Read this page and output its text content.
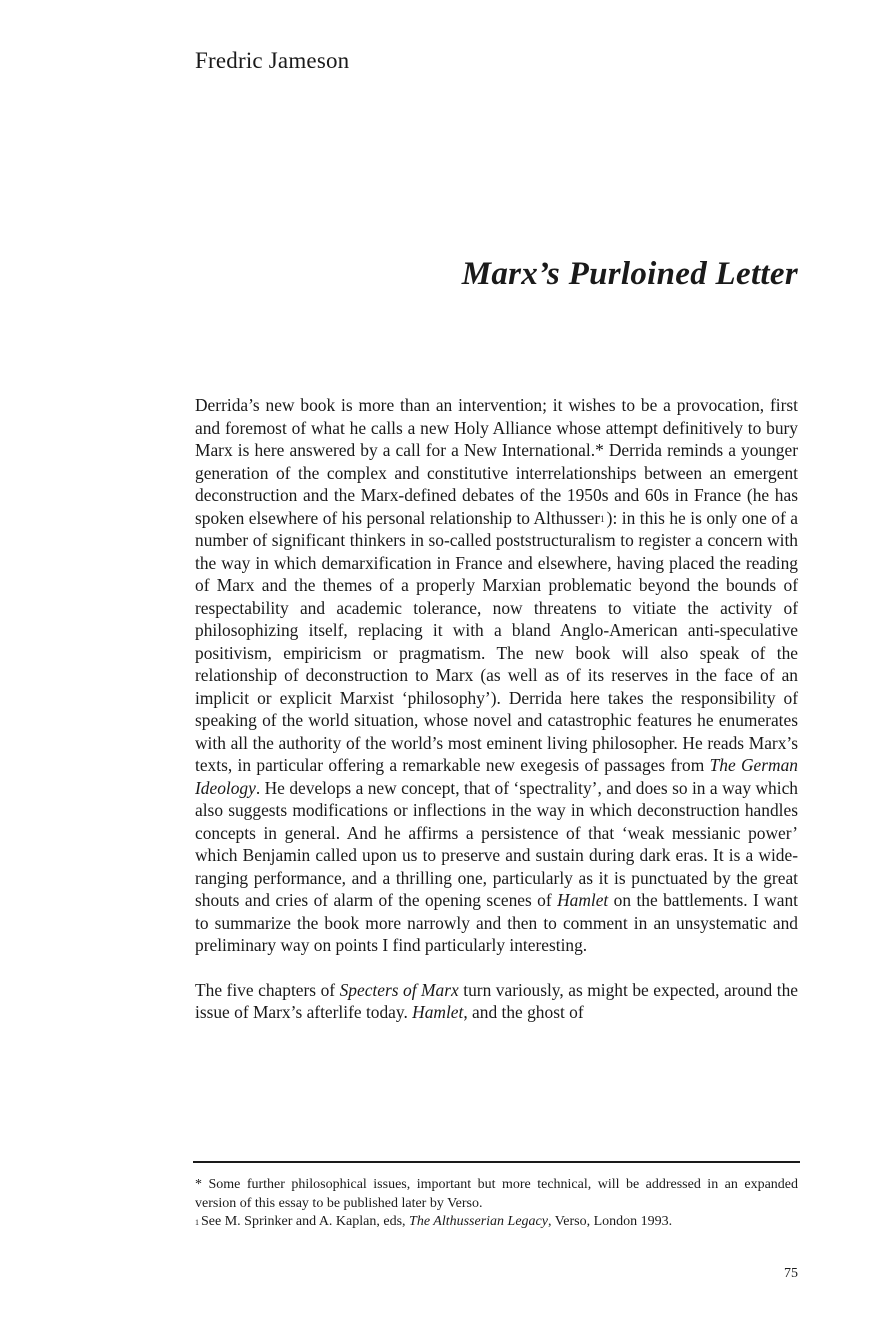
Fredric Jameson
Marx’s Purloined Letter

Derrida’s new book is more than an intervention; it wishes to be a provocation, first and foremost of what he calls a new Holy Alliance whose attempt definitively to bury Marx is here answered by a call for a New International.* Derrida reminds a younger generation of the complex and constitutive interrelationships between an emergent deconstruction and the Marx-defined debates of the 1950s and 60s in France (he has spoken elsewhere of his personal relationship to Althusser$^1$ ): in this he is only one of a number of significant thinkers in so-called poststructuralism to register a concern with the way in which demarxification in France and elsewhere, having placed the reading of Marx and the themes of a properly Marxian problematic beyond the bounds of respectability and academic tolerance, now threatens to vitiate the activity of philosophizing itself, replacing it with a bland Anglo-American anti-speculative positivism, empiricism or pragmatism. The new book will also speak of the relationship of deconstruction to Marx (as well as of its reserves in the face of an implicit or explicit Marxist ‘philosophy’). Derrida here takes the responsibility of speaking of the world situation, whose novel and catastrophic features he enumerates with all the authority of the world’s most eminent living philosopher. He reads Marx’s texts, in particular offering a remarkable new exegesis of passages from The German Ideology. He develops a new concept, that of ‘spectrality’, and does so in a way which also suggests modifications or inflections in the way in which deconstruction handles concepts in general. And he affirms a persistence of that ‘weak messianic power’ which Benjamin called upon us to preserve and sustain during dark eras. It is a wide-ranging performance, and a thrilling one, particularly as it is punctuated by the great shouts and cries of alarm of the opening scenes of Hamlet on the battlements. I want to summarize the book more narrowly and then to comment in an unsystematic and preliminary way on points I find particularly interesting.

The five chapters of Specters of Marx turn variously, as might be expected, around the issue of Marx’s afterlife today. Hamlet, and the ghost of

* Some further philosophical issues, important but more technical, will be addressed in an expanded version of this essay to be published later by Verso.

$^1$ See M. Sprinker and A. Kaplan, eds, The Althusserian Legacy, Verso, London 1993.

75
